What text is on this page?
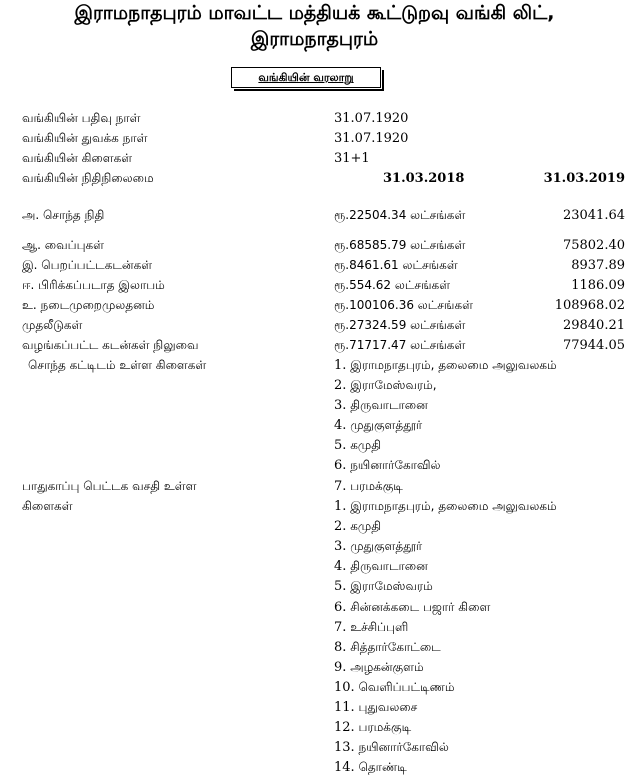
இராமநாதபுரம் மாவட்ட மத்தியக் கூட்டுறவு வங்கி லிட்,
இராமநாதபுரம்
வங்கியின் வரலாறு
வங்கியின் பதிவு நாள்	31.07.1920
வங்கியின் துவக்க நாள்	31.07.1920
வங்கியின் கிளைகள்	31+1
வங்கியின் நிதிநிலைமை	31.03.2018	31.03.2019
அ. சொந்த நிதி	ரூ.22504.34 லட்சங்கள்	23041.64
ஆ. வைப்புகள்	ரூ.68585.79 லட்சங்கள்	75802.40
இ. பெறப்பட்டகடன்கள்	ரூ.8461.61 லட்சங்கள்	8937.89
ஈ. பிரிக்கப்படாத இலாபம்	ரூ.554.62 லட்சங்கள்	1186.09
உ. நடைமுறைமுலதனம்	ரூ.100106.36 லட்சங்கள்	108968.02
முதலீடுகள்	ரூ.27324.59 லட்சங்கள்	29840.21
வழங்கப்பட்ட கடன்கள் நிலுவை	ரூ.71717.47 லட்சங்கள்	77944.05
சொந்த கட்டிடம் உள்ள கிளைகள்	1. இராமநாதபுரம், தலைமை அலுவலகம்
2. இராமேஸ்வரம்,
3. திருவாடானை
4. முதுகுளத்தூர்
5. கமுதி
6. நயினார்கோவில்
7. பரமக்குடி
பாதுகாப்பு பெட்டக வசதி உள்ள
கிளைகள்	1. இராமநாதபுரம், தலைமை அலுவலகம்
2. கமுதி
3. முதுகுளத்தூர்
4. திருவாடானை
5. இராமேஸ்வரம்
6. சின்னக்கடை பஜார் கிளை
7. உச்சிப்புளி
8. சித்தார்கோட்டை
9. அழகன்குளம்
10. வெளிப்பட்டிணம்
11. புதுவலசை
12. பரமக்குடி
13. நயினார்கோவில்
14. தொண்டி
